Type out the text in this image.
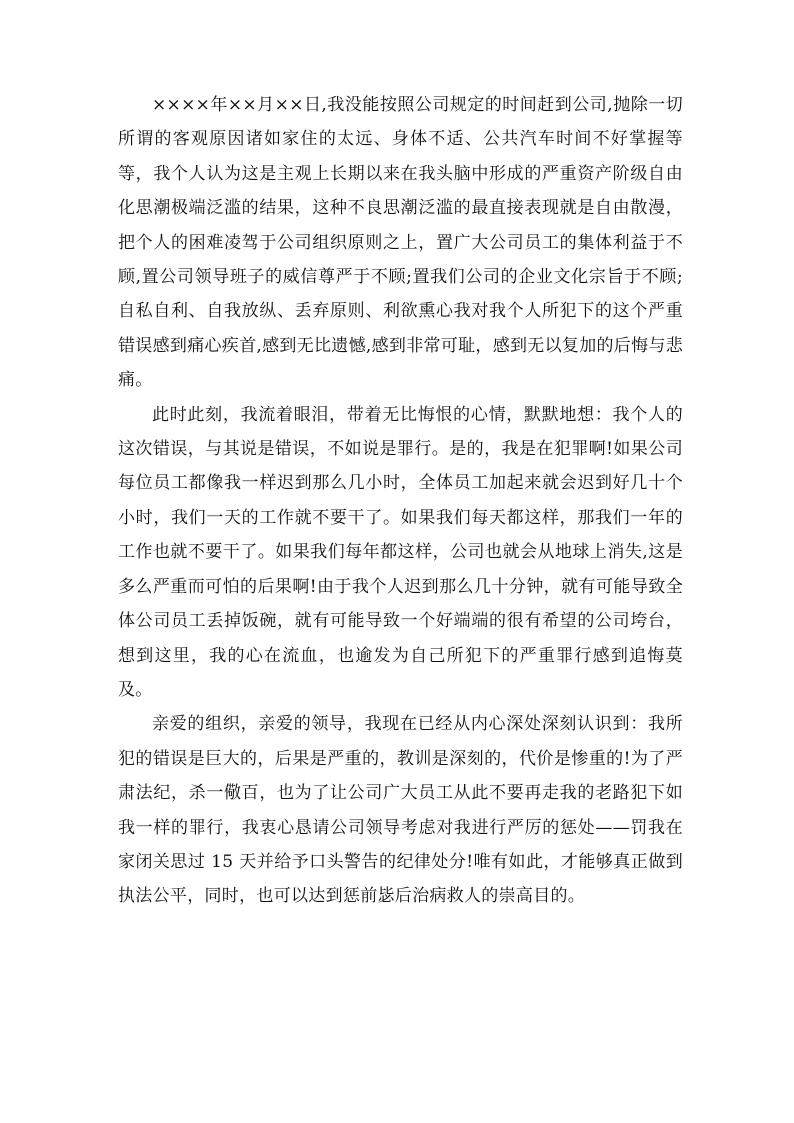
××××年××月××日,我没能按照公司规定的时间赶到公司,抛除一切所谓的客观原因诸如家住的太远、身体不适、公共汽车时间不好掌握等等，我个人认为这是主观上长期以来在我头脑中形成的严重资产阶级自由化思潮极端泛滥的结果，这种不良思潮泛滥的最直接表现就是自由散漫，把个人的困难凌驾于公司组织原则之上，置广大公司员工的集体利益于不顾,置公司领导班子的威信尊严于不顾;置我们公司的企业文化宗旨于不顾;自私自利、自我放纵、丢弃原则、利欲熏心我对我个人所犯下的这个严重错误感到痛心疾首,感到无比遗憾,感到非常可耻，感到无以复加的后悔与悲痛。

此时此刻，我流着眼泪，带着无比悔恨的心情，默默地想：我个人的这次错误，与其说是错误，不如说是罪行。是的，我是在犯罪啊!如果公司每位员工都像我一样迟到那么几小时，全体员工加起来就会迟到好几十个小时，我们一天的工作就不要干了。如果我们每天都这样，那我们一年的工作也就不要干了。如果我们每年都这样，公司也就会从地球上消失,这是多么严重而可怕的后果啊!由于我个人迟到那么几十分钟，就有可能导致全体公司员工丢掉饭碗，就有可能导致一个好端端的很有希望的公司垮台，想到这里，我的心在流血，也逾发为自己所犯下的严重罪行感到追悔莫及。

亲爱的组织，亲爱的领导，我现在已经从内心深处深刻认识到：我所犯的错误是巨大的，后果是严重的，教训是深刻的，代价是惨重的!为了严肃法纪，杀一儆百，也为了让公司广大员工从此不要再走我的老路犯下如我一样的罪行，我衷心恳请公司领导考虑对我进行严厉的惩处——罚我在家闭关思过 15 天并给予口头警告的纪律处分!唯有如此，才能够真正做到执法公平，同时，也可以达到惩前毖后治病救人的崇高目的。
